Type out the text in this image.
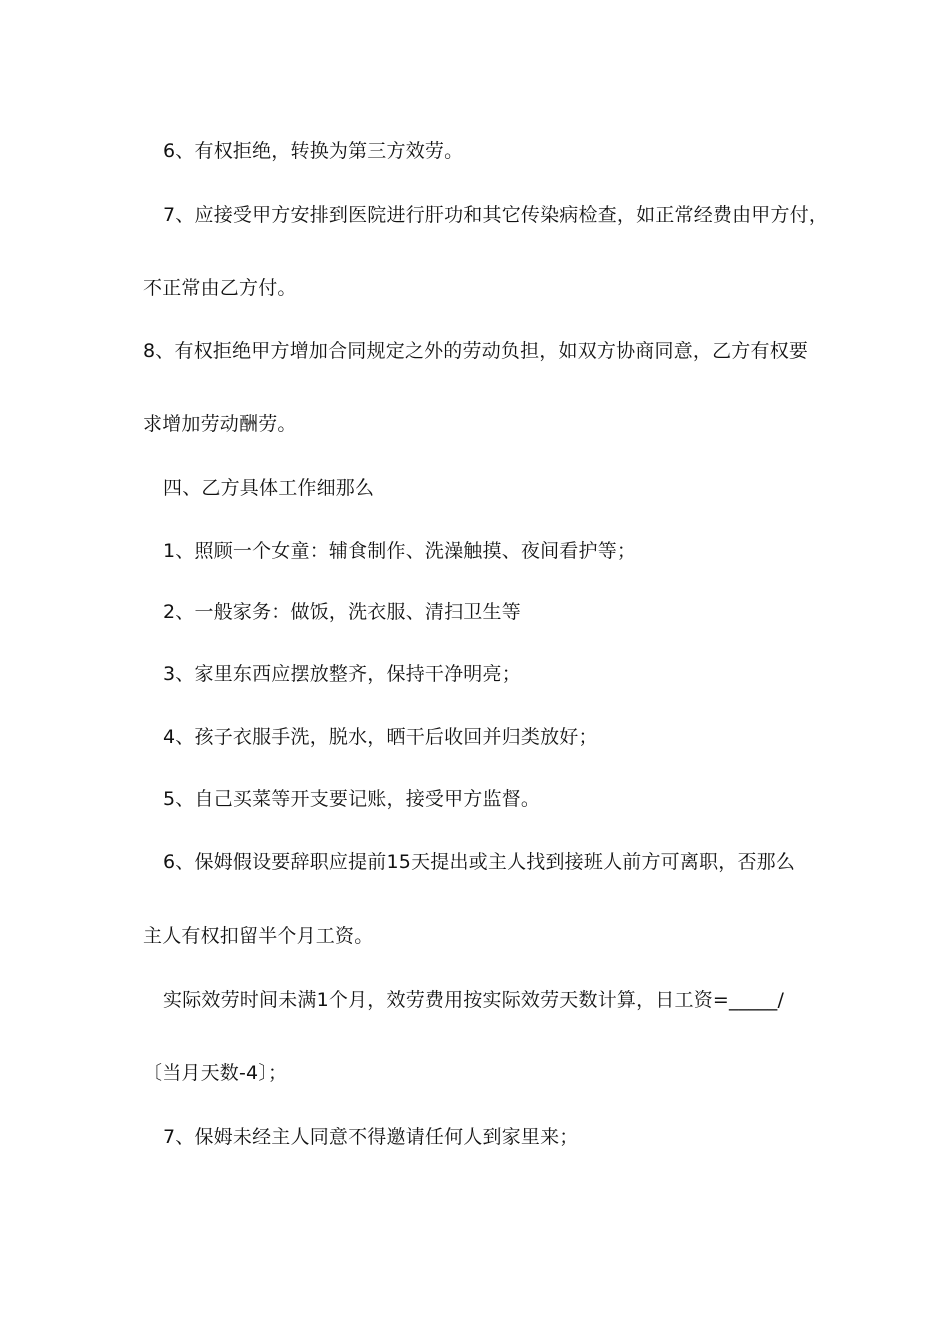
6、有权拒绝，转换为第三方效劳。
7、应接受甲方安排到医院进行肝功和其它传染病检查，如正常经费由甲方付，
不正常由乙方付。
8、有权拒绝甲方增加合同规定之外的劳动负担，如双方协商同意，乙方有权要
求增加劳动酬劳。
四、乙方具体工作细那么
1、照顾一个女童：辅食制作、洗澡触摸、夜间看护等；
2、一般家务：做饭，洗衣服、清扫卫生等
3、家里东西应摆放整齐，保持干净明亮；
4、孩子衣服手洗，脱水，晒干后收回并归类放好；
5、自己买菜等开支要记账，接受甲方监督。
6、保姆假设要辞职应提前15天提出或主人找到接班人前方可离职，否那么
主人有权扣留半个月工资。
实际效劳时间未满1个月，效劳费用按实际效劳天数计算，日工资=_____/
〔当月天数-4〕；
7、保姆未经主人同意不得邀请任何人到家里来；
